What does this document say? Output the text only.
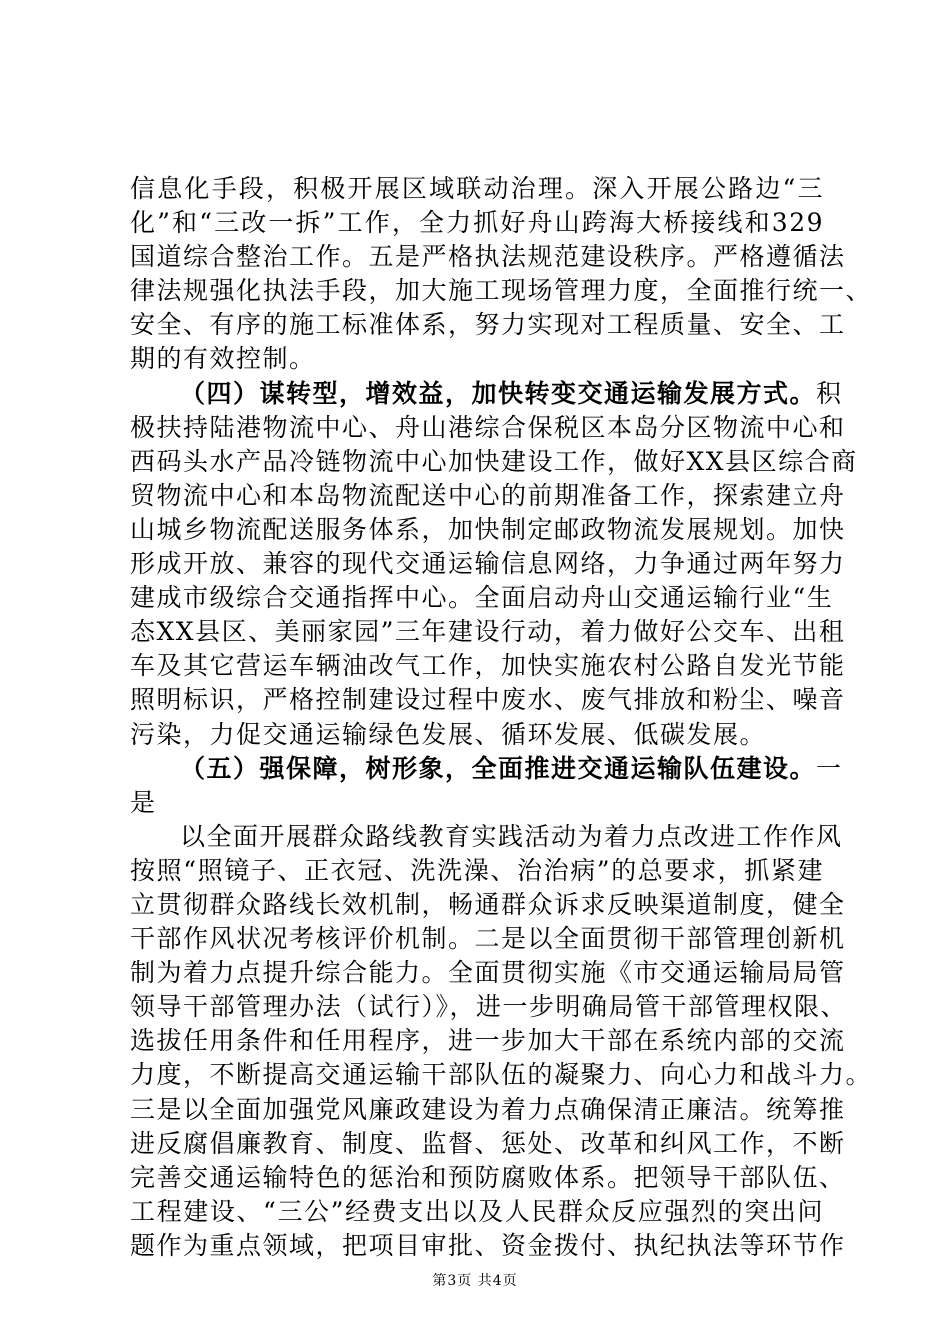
信息化手段，积极开展区域联动治理。深入开展公路边“三
化”和“三改一拆”工作，全力抓好舟山跨海大桥接线和329
国道综合整治工作。五是严格执法规范建设秩序。严格遵循法
律法规强化执法手段，加大施工现场管理力度，全面推行统一、
安全、有序的施工标准体系，努力实现对工程质量、安全、工
期的有效控制。
（四）谋转型，增效益，加快转变交通运输发展方式。积
极扶持陆港物流中心、舟山港综合保税区本岛分区物流中心和
西码头水产品冷链物流中心加快建设工作，做好XX县区综合商
贸物流中心和本岛物流配送中心的前期准备工作，探索建立舟
山城乡物流配送服务体系，加快制定邮政物流发展规划。加快
形成开放、兼容的现代交通运输信息网络，力争通过两年努力
建成市级综合交通指挥中心。全面启动舟山交通运输行业“生
态XX县区、美丽家园”三年建设行动，着力做好公交车、出租
车及其它营运车辆油改气工作，加快实施农村公路自发光节能
照明标识，严格控制建设过程中废水、废气排放和粉尘、噪音
污染，力促交通运输绿色发展、循环发展、低碳发展。
（五）强保障，树形象，全面推进交通运输队伍建设。一
是
以全面开展群众路线教育实践活动为着力点改进工作作风
按照“照镜子、正衣冠、洗洗澡、治治病”的总要求，抓紧建
立贯彻群众路线长效机制，畅通群众诉求反映渠道制度，健全
干部作风状况考核评价机制。二是以全面贯彻干部管理创新机
制为着力点提升综合能力。全面贯彻实施《市交通运输局局管
领导干部管理办法（试行）》，进一步明确局管干部管理权限、
选拔任用条件和任用程序，进一步加大干部在系统内部的交流
力度，不断提高交通运输干部队伍的凝聚力、向心力和战斗力。
三是以全面加强党风廉政建设为着力点确保清正廉洁。统筹推
进反腐倡廉教育、制度、监督、惩处、改革和纠风工作，不断
完善交通运输特色的惩治和预防腐败体系。把领导干部队伍、
工程建设、“三公”经费支出以及人民群众反应强烈的突出问
题作为重点领域，把项目审批、资金拨付、执纪执法等环节作
第3页 共4页
